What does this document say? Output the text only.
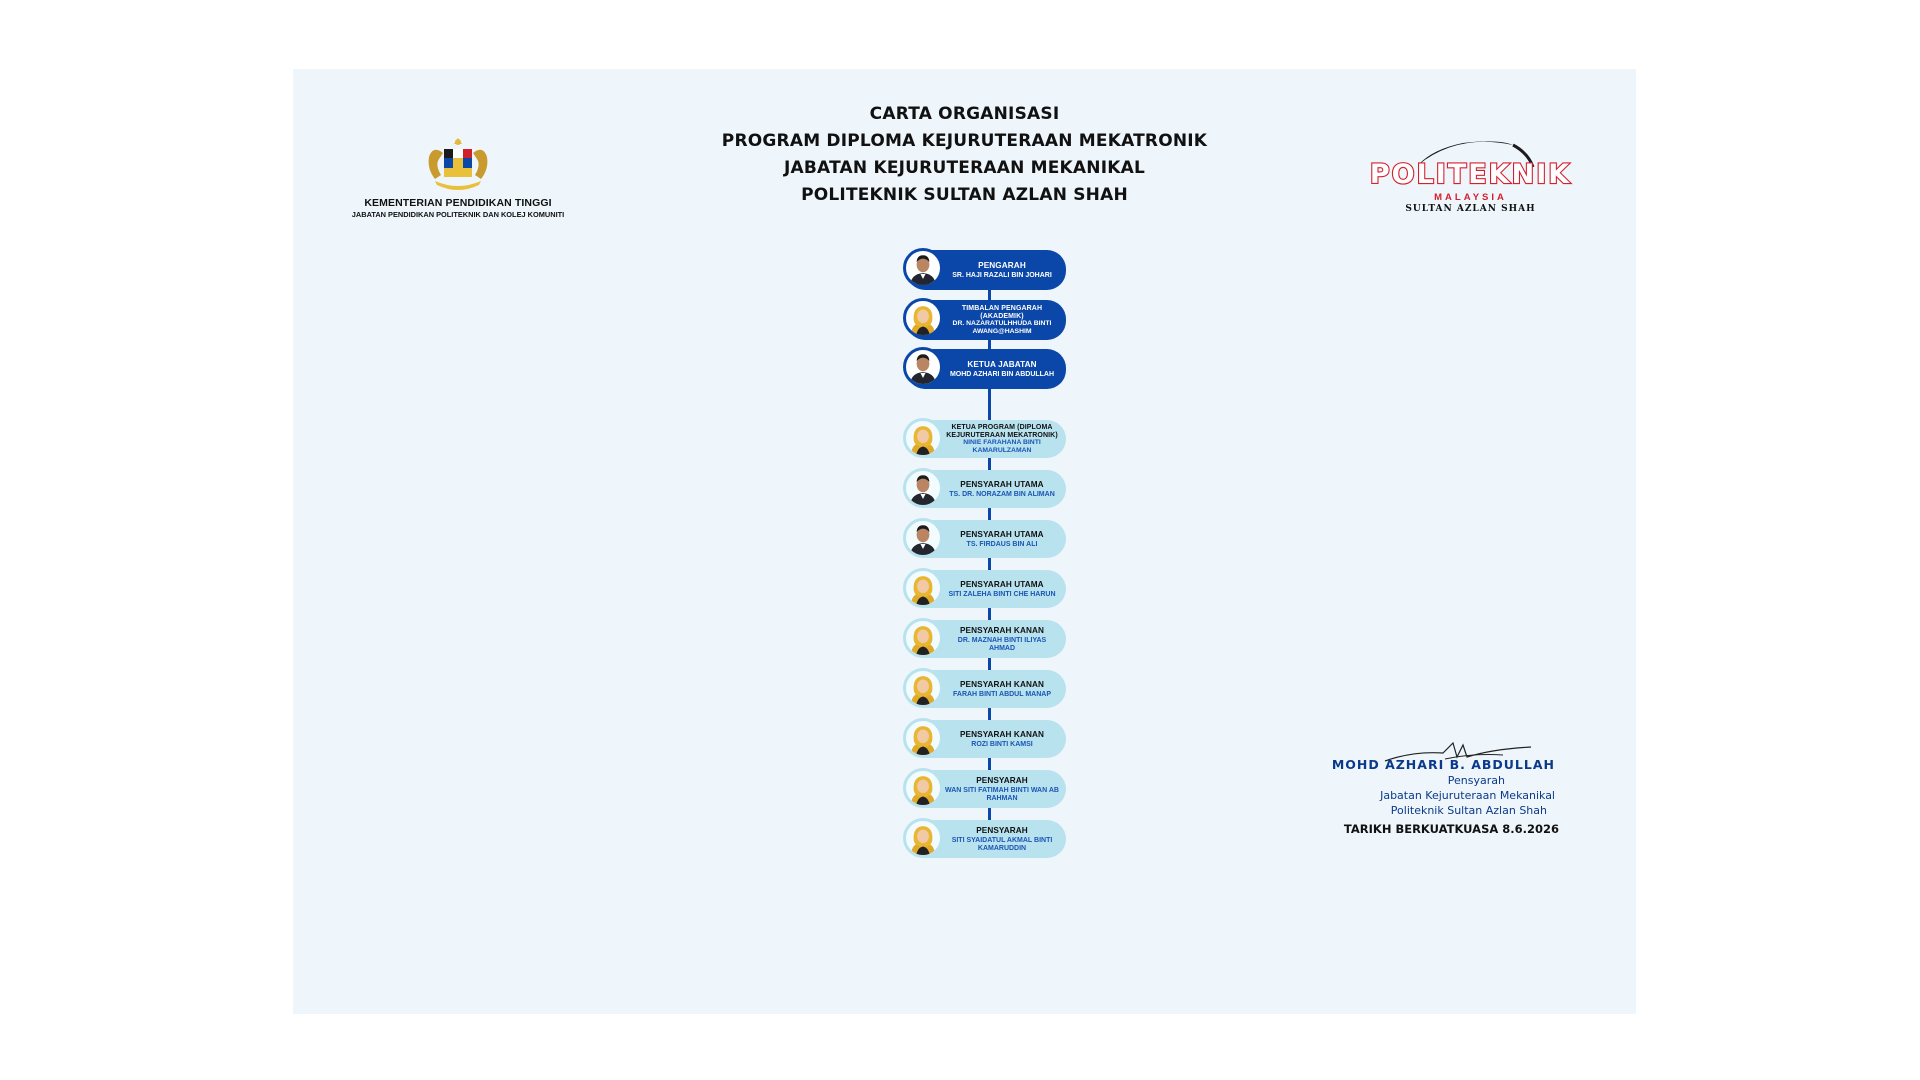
CARTA ORGANISASI
PROGRAM DIPLOMA KEJURUTERAAN MEKATRONIK
JABATAN KEJURUTERAAN MEKANIKAL
POLITEKNIK SULTAN AZLAN SHAH
KEMENTERIAN PENDIDIKAN TINGGI
JABATAN PENDIDIKAN POLITEKNIK DAN KOLEJ KOMUNITI
POLITEKNIK
MALAYSIA
SULTAN AZLAN SHAH
PENGARAH
SR. HAJI RAZALI BIN JOHARI
TIMBALAN PENGARAH (AKADEMIK)
DR. NAZARATULHHUDA BINTI AWANG@HASHIM
KETUA JABATAN
MOHD AZHARI BIN ABDULLAH
KETUA PROGRAM (DIPLOMA KEJURUTERAAN MEKATRONIK)
NINIE FARAHANA BINTI KAMARULZAMAN
PENSYARAH UTAMA
TS. DR. NORAZAM BIN ALIMAN
PENSYARAH UTAMA
TS. FIRDAUS BIN ALI
PENSYARAH UTAMA
SITI ZALEHA BINTI CHE HARUN
PENSYARAH KANAN
DR. MAZNAH BINTI ILIYAS AHMAD
PENSYARAH KANAN
FARAH BINTI ABDUL MANAP
PENSYARAH KANAN
ROZI BINTI KAMSI
PENSYARAH
WAN SITI FATIMAH BINTI WAN AB RAHMAN
PENSYARAH
SITI SYAIDATUL AKMAL BINTI KAMARUDDIN
MOHD AZHARI B. ABDULLAH
Pensyarah
Jabatan Kejuruteraan Mekanikal
Politeknik Sultan Azlan Shah
TARIKH BERKUATKUASA 8.6.2026
